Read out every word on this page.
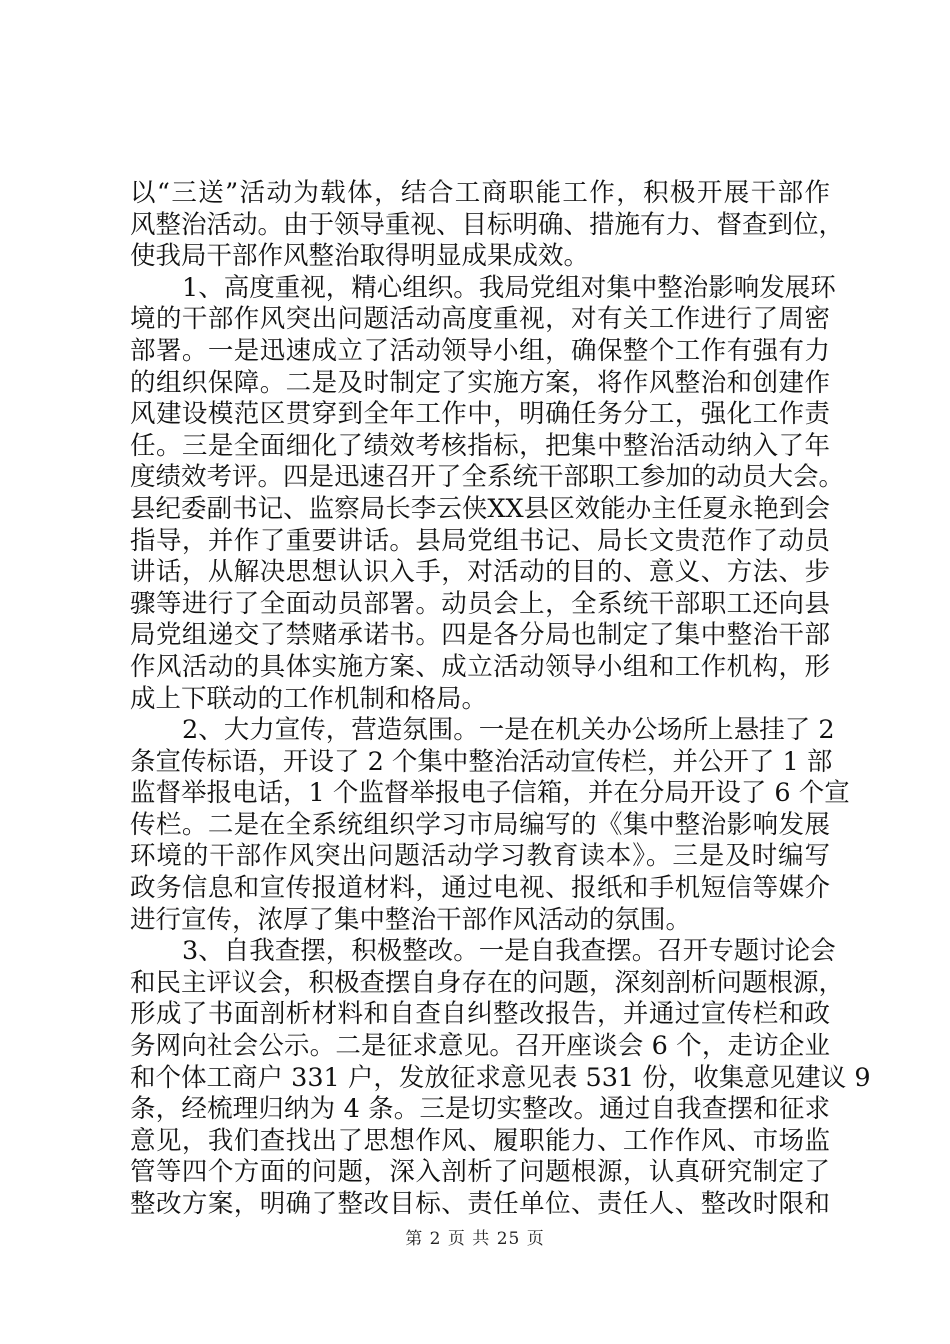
以“三送”活动为载体，结合工商职能工作，积极开展干部作
风整治活动。由于领导重视、目标明确、措施有力、督查到位，
使我局干部作风整治取得明显成果成效。
1、高度重视，精心组织。我局党组对集中整治影响发展环
境的干部作风突出问题活动高度重视，对有关工作进行了周密
部署。一是迅速成立了活动领导小组，确保整个工作有强有力
的组织保障。二是及时制定了实施方案，将作风整治和创建作
风建设模范区贯穿到全年工作中，明确任务分工，强化工作责
任。三是全面细化了绩效考核指标，把集中整治活动纳入了年
度绩效考评。四是迅速召开了全系统干部职工参加的动员大会。
县纪委副书记、监察局长李云侠XX县区效能办主任夏永艳到会
指导，并作了重要讲话。县局党组书记、局长文贵范作了动员
讲话，从解决思想认识入手，对活动的目的、意义、方法、步
骤等进行了全面动员部署。动员会上，全系统干部职工还向县
局党组递交了禁赌承诺书。四是各分局也制定了集中整治干部
作风活动的具体实施方案、成立活动领导小组和工作机构，形
成上下联动的工作机制和格局。
2、大力宣传，营造氛围。一是在机关办公场所上悬挂了 2
条宣传标语，开设了 2 个集中整治活动宣传栏，并公开了 1 部
监督举报电话，1 个监督举报电子信箱，并在分局开设了 6 个宣
传栏。二是在全系统组织学习市局编写的《集中整治影响发展
环境的干部作风突出问题活动学习教育读本》。三是及时编写
政务信息和宣传报道材料，通过电视、报纸和手机短信等媒介
进行宣传，浓厚了集中整治干部作风活动的氛围。
3、自我查摆，积极整改。一是自我查摆。召开专题讨论会
和民主评议会，积极查摆自身存在的问题，深刻剖析问题根源，
形成了书面剖析材料和自查自纠整改报告，并通过宣传栏和政
务网向社会公示。二是征求意见。召开座谈会 6 个，走访企业
和个体工商户 331 户，发放征求意见表 531 份，收集意见建议 9
条，经梳理归纳为 4 条。三是切实整改。通过自我查摆和征求
意见，我们查找出了思想作风、履职能力、工作作风、市场监
管等四个方面的问题，深入剖析了问题根源，认真研究制定了
整改方案，明确了整改目标、责任单位、责任人、整改时限和
第 2 页 共 25 页
